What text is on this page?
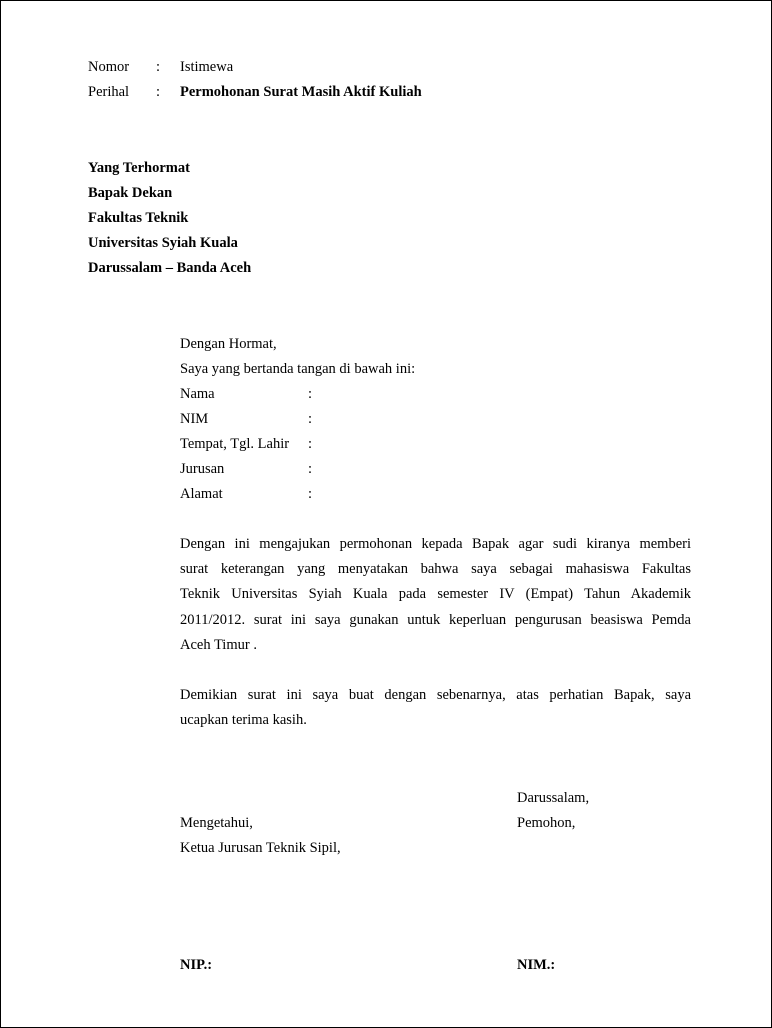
Nomor : Istimewa
Perihal : Permohonan Surat Masih Aktif Kuliah
Yang Terhormat
Bapak Dekan
Fakultas Teknik
Universitas Syiah Kuala
Darussalam – Banda Aceh
Dengan Hormat,
Saya yang bertanda tangan di bawah ini:
Nama	:
NIM	:
Tempat, Tgl. Lahir :
Jurusan	:
Alamat	:
Dengan ini mengajukan permohonan kepada Bapak agar sudi kiranya memberi
surat keterangan yang menyatakan bahwa saya sebagai mahasiswa Fakultas
Teknik Universitas Syiah Kuala pada semester IV (Empat) Tahun Akademik
2011/2012. surat ini saya gunakan untuk keperluan pengurusan beasiswa Pemda
Aceh Timur .
Demikian surat ini saya buat dengan sebenarnya, atas perhatian Bapak, saya
ucapkan terima kasih.
Darussalam,
Mengetahui,	Pemohon,
Ketua Jurusan Teknik Sipil,
NIP.:	NIM.:
